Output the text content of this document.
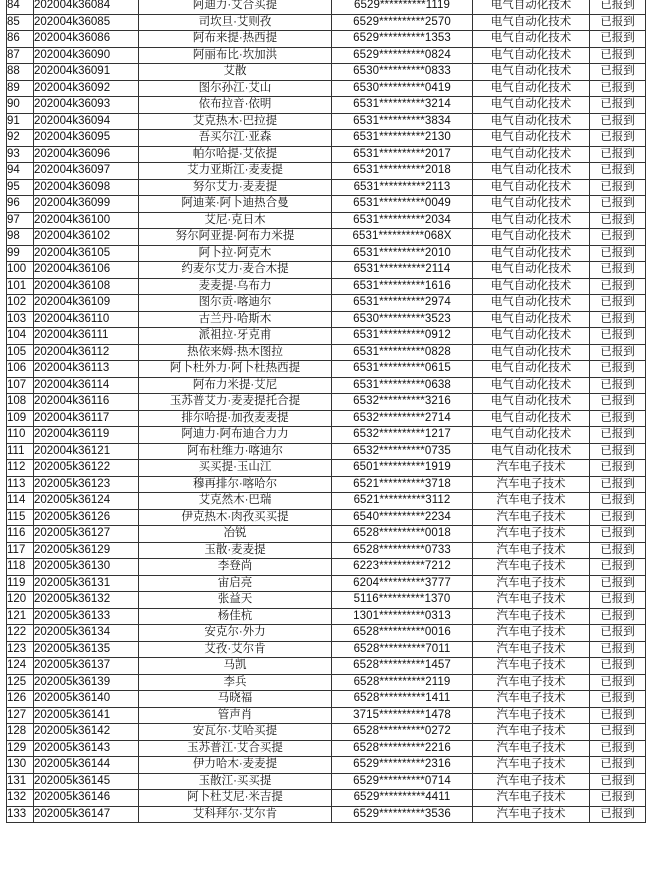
84	202004k36084	阿迪力·艾合买提	6529**********1119	电气自动化技术	已报到
85	202004k36085	司坎旦·艾则孜	6529**********2570	电气自动化技术	已报到
86	202004k36086	阿布来提·热西提	6529**********1353	电气自动化技术	已报到
87	202004k36090	阿丽布比·坎加洪	6529**********0824	电气自动化技术	已报到
88	202004k36091	艾散	6530**********0833	电气自动化技术	已报到
89	202004k36092	图尔孙江·艾山	6530**********0419	电气自动化技术	已报到
90	202004k36093	依布拉音·依明	6531**********3214	电气自动化技术	已报到
91	202004k36094	艾克热木·巴拉提	6531**********3834	电气自动化技术	已报到
92	202004k36095	吾买尔江·亚森	6531**********2130	电气自动化技术	已报到
93	202004k36096	帕尔哈提·艾依提	6531**********2017	电气自动化技术	已报到
94	202004k36097	艾力亚斯江·麦麦提	6531**********2018	电气自动化技术	已报到
95	202004k36098	努尔艾力·麦麦提	6531**********2113	电气自动化技术	已报到
96	202004k36099	阿迪莱·阿卜迪热合曼	6531**********0049	电气自动化技术	已报到
97	202004k36100	艾尼·克日木	6531**********2034	电气自动化技术	已报到
98	202004k36102	努尔阿亚提·阿布力米提	6531**********068X	电气自动化技术	已报到
99	202004k36105	阿卜拉·阿克木	6531**********2010	电气自动化技术	已报到
100	202004k36106	约麦尔艾力·麦合木提	6531**********2114	电气自动化技术	已报到
101	202004k36108	麦麦提·乌布力	6531**********1616	电气自动化技术	已报到
102	202004k36109	图尔贡·喀迪尔	6531**********2974	电气自动化技术	已报到
103	202004k36110	古兰丹·哈斯木	6530**********3523	电气自动化技术	已报到
104	202004k36111	派祖拉·牙克甫	6531**********0912	电气自动化技术	已报到
105	202004k36112	热依来姆·热木图拉	6531**********0828	电气自动化技术	已报到
106	202004k36113	阿卜杜外力·阿卜杜热西提	6531**********0615	电气自动化技术	已报到
107	202004k36114	阿布力米提·艾尼	6531**********0638	电气自动化技术	已报到
108	202004k36116	玉苏普艾力·麦麦提托合提	6532**********3216	电气自动化技术	已报到
109	202004k36117	排尔哈提·加孜麦麦提	6532**********2714	电气自动化技术	已报到
110	202004k36119	阿迪力·阿布迪合力力	6532**********1217	电气自动化技术	已报到
111	202004k36121	阿布杜维力·喀迪尔	6532**********0735	电气自动化技术	已报到
112	202005k36122	买买提·玉山江	6501**********1919	汽车电子技术	已报到
113	202005k36123	穆再排尔·喀哈尔	6521**********3718	汽车电子技术	已报到
114	202005k36124	艾克然木·巴瑞	6521**********3112	汽车电子技术	已报到
115	202005k36126	伊克热木·肉孜买买提	6540**********2234	汽车电子技术	已报到
116	202005k36127	冶锐	6528**********0018	汽车电子技术	已报到
117	202005k36129	玉散·麦麦提	6528**********0733	汽车电子技术	已报到
118	202005k36130	李登尚	6223**********7212	汽车电子技术	已报到
119	202005k36131	宙启亮	6204**********3777	汽车电子技术	已报到
120	202005k36132	张益天	5116**********1370	汽车电子技术	已报到
121	202005k36133	杨佳杭	1301**********0313	汽车电子技术	已报到
122	202005k36134	安克尔·外力	6528**********0016	汽车电子技术	已报到
123	202005k36135	艾孜·艾尔肯	6528**********7011	汽车电子技术	已报到
124	202005k36137	马凯	6528**********1457	汽车电子技术	已报到
125	202005k36139	李兵	6528**********2119	汽车电子技术	已报到
126	202005k36140	马晓福	6528**********1411	汽车电子技术	已报到
127	202005k36141	管声肖	3715**********1478	汽车电子技术	已报到
128	202005k36142	安瓦尔·艾哈买提	6528**********0272	汽车电子技术	已报到
129	202005k36143	玉苏普江·艾合买提	6528**********2216	汽车电子技术	已报到
130	202005k36144	伊力哈木·麦麦提	6529**********2316	汽车电子技术	已报到
131	202005k36145	玉散江·买买提	6529**********0714	汽车电子技术	已报到
132	202005k36146	阿卜杜艾尼·米吉提	6529**********4411	汽车电子技术	已报到
133	202005k36147	艾科拜尔·艾尔肯	6529**********3536	汽车电子技术	已报到
